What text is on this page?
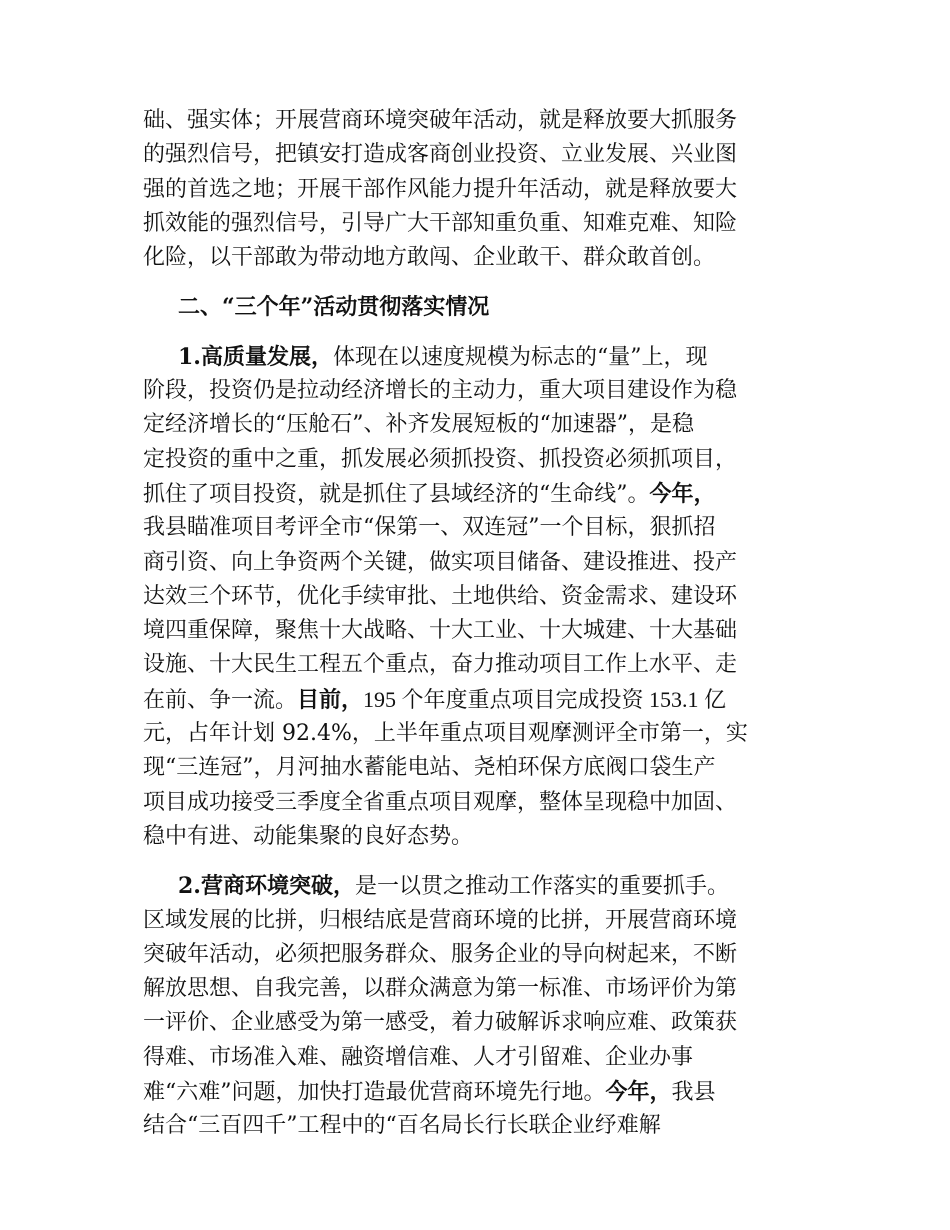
础、强实体；开展营商环境突破年活动，就是释放要大抓服务
的强烈信号，把镇安打造成客商创业投资、立业发展、兴业图
强的首选之地；开展干部作风能力提升年活动，就是释放要大
抓效能的强烈信号，引导广大干部知重负重、知难克难、知险
化险，以干部敢为带动地方敢闯、企业敢干、群众敢首创。
二、“三个年”活动贯彻落实情况
1.高质量发展，体现在以速度规模为标志的“量”上，现
阶段，投资仍是拉动经济增长的主动力，重大项目建设作为稳
定经济增长的“压舱石”、补齐发展短板的“加速器”，是稳
定投资的重中之重，抓发展必须抓投资、抓投资必须抓项目，
抓住了项目投资，就是抓住了县域经济的“生命线”。今年，
我县瞄准项目考评全市“保第一、双连冠”一个目标，狠抓招
商引资、向上争资两个关键，做实项目储备、建设推进、投产
达效三个环节，优化手续审批、土地供给、资金需求、建设环
境四重保障，聚焦十大战略、十大工业、十大城建、十大基础
设施、十大民生工程五个重点，奋力推动项目工作上水平、走
在前、争一流。目前，195 个年度重点项目完成投资 153.1 亿
元，占年计划 92.4%，上半年重点项目观摩测评全市第一，实
现“三连冠”，月河抽水蓄能电站、尧柏环保方底阀口袋生产
项目成功接受三季度全省重点项目观摩，整体呈现稳中加固、
稳中有进、动能集聚的良好态势。
2.营商环境突破，是一以贯之推动工作落实的重要抓手。
区域发展的比拼，归根结底是营商环境的比拼，开展营商环境
突破年活动，必须把服务群众、服务企业的导向树起来，不断
解放思想、自我完善，以群众满意为第一标准、市场评价为第
一评价、企业感受为第一感受，着力破解诉求响应难、政策获
得难、市场准入难、融资增信难、人才引留难、企业办事
难“六难”问题，加快打造最优营商环境先行地。今年，我县
结合“三百四千”工程中的“百名局长行长联企业纾难解
